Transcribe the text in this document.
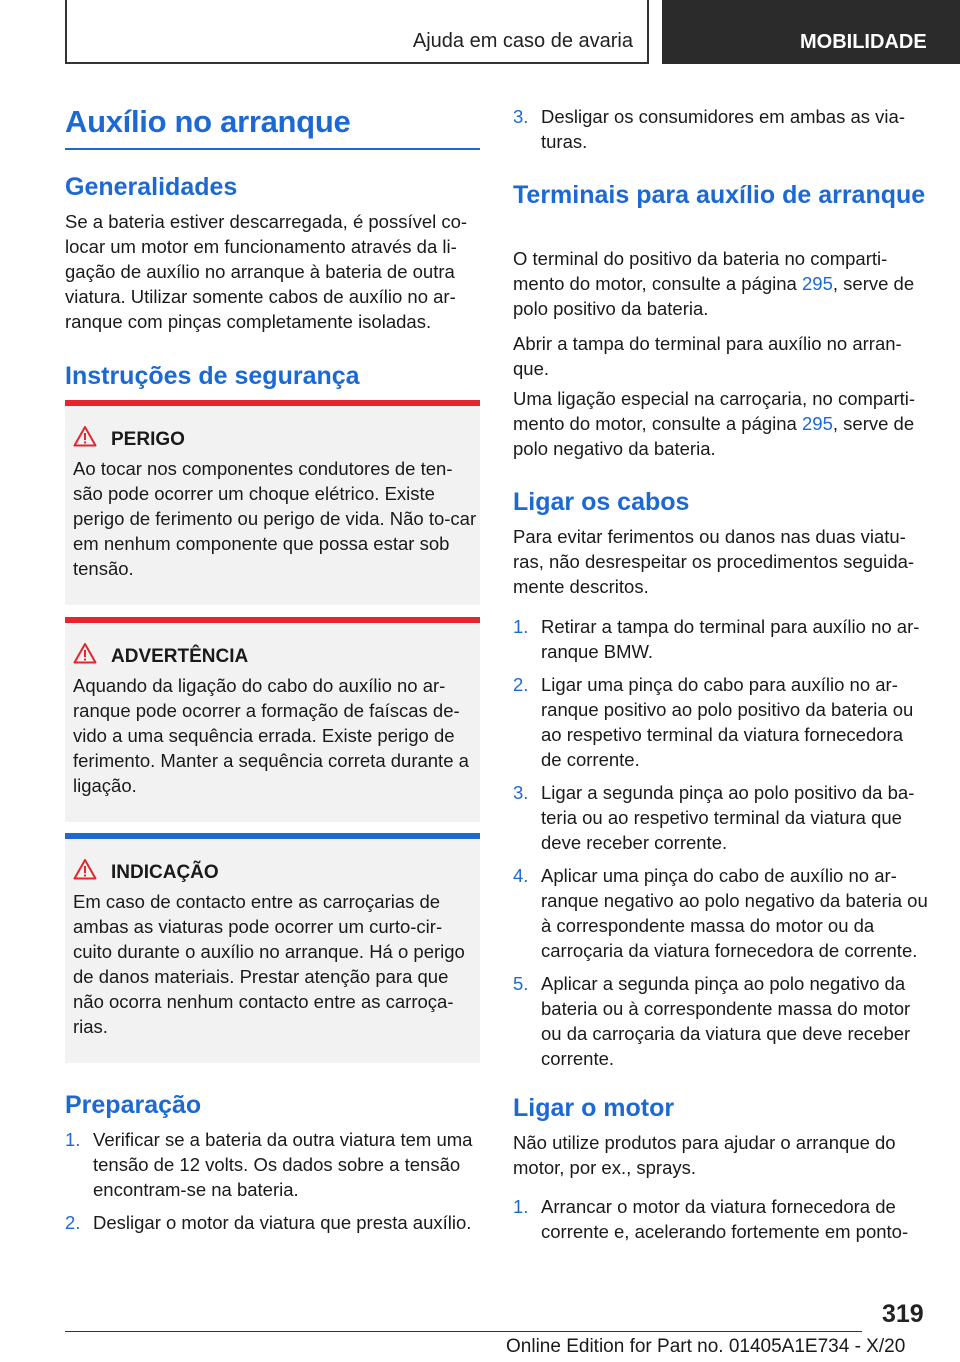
Ajuda em caso de avaria	MOBILIDADE
Auxílio no arranque
Generalidades

Se a bateria estiver descarregada, é possível co-locar um motor em funcionamento através da li-gação de auxílio no arranque à bateria de outra viatura. Utilizar somente cabos de auxílio no ar-ranque com pinças completamente isoladas.

Instruções de segurança
PERIGO

Ao tocar nos componentes condutores de ten-são pode ocorrer um choque elétrico. Existe perigo de ferimento ou perigo de vida. Não to-car em nenhum componente que possa estar sob tensão.

ADVERTÊNCIA

Aquando da ligação do cabo do auxílio no ar-ranque pode ocorrer a formação de faíscas de-vido a uma sequência errada. Existe perigo de ferimento. Manter a sequência correta durante a ligação.

INDICAÇÃO

Em caso de contacto entre as carroçarias de ambas as viaturas pode ocorrer um curto-cir-cuito durante o auxílio no arranque. Há o perigo de danos materiais. Prestar atenção para que não ocorra nenhum contacto entre as carroça-rias.

Preparação
1. Verificar se a bateria da outra viatura tem uma tensão de 12 volts. Os dados sobre a tensão encontram-se na bateria.
2. Desligar o motor da viatura que presta auxílio.
3. Desligar os consumidores em ambas as via-turas.
Terminais para auxílio de arranque

O terminal do positivo da bateria no comparti-mento do motor, consulte a página 295, serve de polo positivo da bateria.

Abrir a tampa do terminal para auxílio no arran-que.

Uma ligação especial na carroçaria, no comparti-mento do motor, consulte a página 295, serve de polo negativo da bateria.

Ligar os cabos

Para evitar ferimentos ou danos nas duas viatu-ras, não desrespeitar os procedimentos seguida-mente descritos.

1. Retirar a tampa do terminal para auxílio no ar-ranque BMW.
2. Ligar uma pinça do cabo para auxílio no ar-ranque positivo ao polo positivo da bateria ou ao respetivo terminal da viatura fornecedora de corrente.
3. Ligar a segunda pinça ao polo positivo da ba-teria ou ao respetivo terminal da viatura que deve receber corrente.
4. Aplicar uma pinça do cabo de auxílio no ar-ranque negativo ao polo negativo da bateria ou à correspondente massa do motor ou da carroçaria da viatura fornecedora de corrente.
5. Aplicar a segunda pinça ao polo negativo da bateria ou à correspondente massa do motor ou da carroçaria da viatura que deve receber corrente.
Ligar o motor

Não utilize produtos para ajudar o arranque do motor, por ex., sprays.

1. Arrancar o motor da viatura fornecedora de corrente e, acelerando fortemente em ponto-
319
Online Edition for Part no. 01405A1E734 - X/20
